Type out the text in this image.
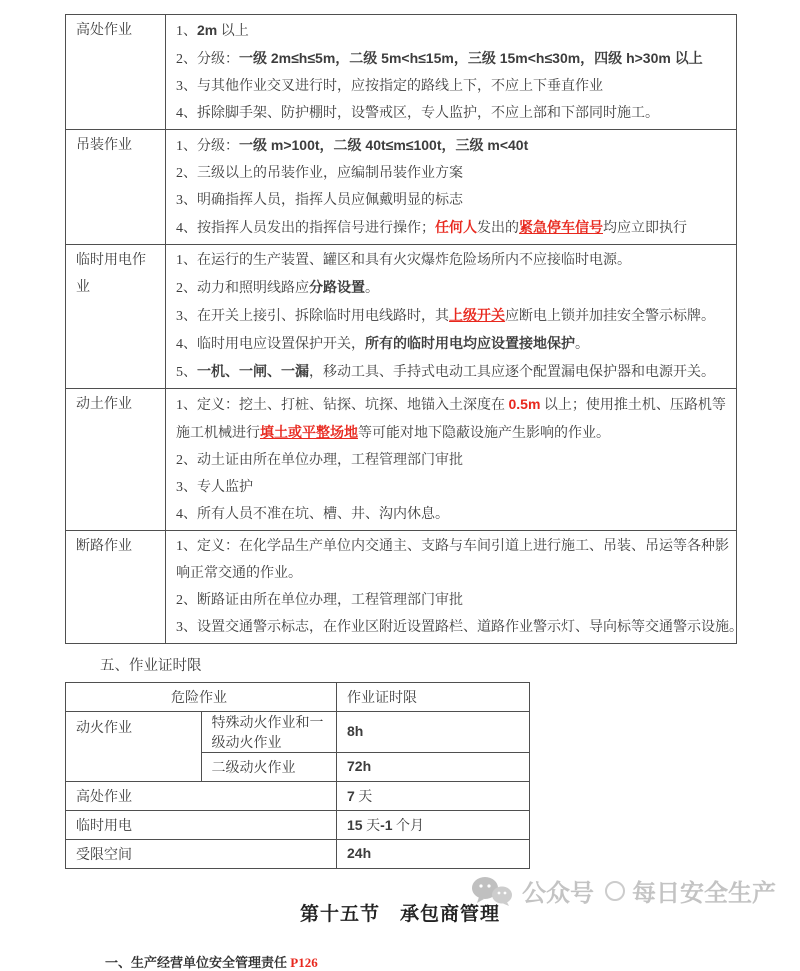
高处作业	1、2m 以上
2、分级：一级 2m≤h≤5m，二级 5m<h≤15m，三级 15m<h≤30m，四级 h>30m 以上
3、与其他作业交叉进行时，应按指定的路线上下，不应上下垂直作业
4、拆除脚手架、防护棚时，设警戒区，专人监护，不应上部和下部同时施工。

吊装作业	1、分级：一级 m>100t，二级 40t≤m≤100t，三级 m<40t
2、三级以上的吊装作业，应编制吊装作业方案
3、明确指挥人员，指挥人员应佩戴明显的标志
4、按指挥人员发出的指挥信号进行操作；任何人发出的紧急停车信号均应立即执行

临时用电作业	1、在运行的生产装置、罐区和具有火灾爆炸危险场所内不应接临时电源。
2、动力和照明线路应分路设置。
3、在开关上接引、拆除临时用电线路时，其上级开关应断电上锁并加挂安全警示标牌。
4、临时用电应设置保护开关，所有的临时用电均应设置接地保护。
5、一机、一闸、一漏，移动工具、手持式电动工具应逐个配置漏电保护器和电源开关。

动土作业	1、定义：挖土、打桩、钻探、坑探、地锚入土深度在 0.5m 以上；使用推土机、压路机等施工机械进行填土或平整场地等可能对地下隐蔽设施产生影响的作业。
2、动土证由所在单位办理，工程管理部门审批
3、专人监护
4、所有人员不准在坑、槽、井、沟内休息。

断路作业	1、定义：在化学品生产单位内交通主、支路与车间引道上进行施工、吊装、吊运等各种影响正常交通的作业。
2、断路证由所在单位办理，工程管理部门审批
3、设置交通警示标志，在作业区附近设置路栏、道路作业警示灯、导向标等交通警示设施。
五、作业证时限
危险作业		作业证时限
动火作业	特殊动火作业和一级动火作业	8h
	二级动火作业	72h
高处作业		7 天
临时用电		15 天-1 个月
受限空间		24h
第十五节　承包商管理
一、生产经营单位安全管理责任 P126
公众号 每日安全生产
